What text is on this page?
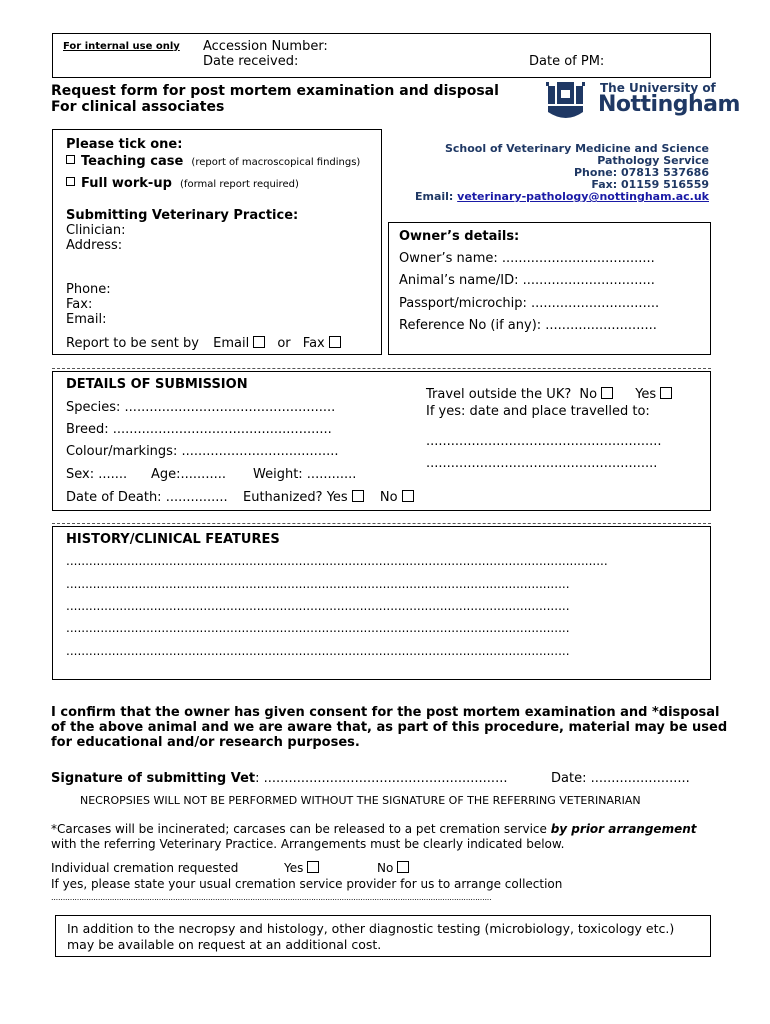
For internal use only Accession Number:
Date received:	Date of PM:
Request form for post mortem examination and disposal
For clinical associates
The University of
Nottingham
Please tick one:
Teaching case (report of macroscopical findings)
Full work-up (formal report required)
Submitting Veterinary Practice:
Clinician:
Address:
Phone:
Fax:
Email:
Report to be sent by Email or Fax
School of Veterinary Medicine and Science
Pathology Service
Phone: 07813 537686
Fax: 01159 516559
Email: veterinary-pathology@nottingham.ac.uk
Owner’s details:
Owner’s name: .....................................
Animal’s name/ID: ................................
Passport/microchip: ...............................
Reference No (if any): ...........................
DETAILS OF SUBMISSION
Species: ...................................................
Breed: .....................................................
Colour/markings: ......................................
Sex: ....... Age:........... Weight: ............
Date of Death: ............... Euthanized? Yes No
Travel outside the UK? No	Yes
If yes: date and place travelled to:
.........................................................
........................................................
HISTORY/CLINICAL FEATURES
..............................................................................................................................................
....................................................................................................................................
....................................................................................................................................
....................................................................................................................................
....................................................................................................................................
I confirm that the owner has given consent for the post mortem examination and *disposal
of the above animal and we are aware that, as part of this procedure, material may be used
for educational and/or research purposes.
Signature of submitting Vet: ...........................................................	Date: ........................
NECROPSIES WILL NOT BE PERFORMED WITHOUT THE SIGNATURE OF THE REFERRING VETERINARIAN
*Carcases will be incinerated; carcases can be released to a pet cremation service by prior arrangement
with the referring Veterinary Practice. Arrangements must be clearly indicated below.
Individual cremation requested	Yes	No
If yes, please state your usual cremation service provider for us to arrange collection
............................................................................................................................................................................................
In addition to the necropsy and histology, other diagnostic testing (microbiology, toxicology etc.)
may be available on request at an additional cost.
